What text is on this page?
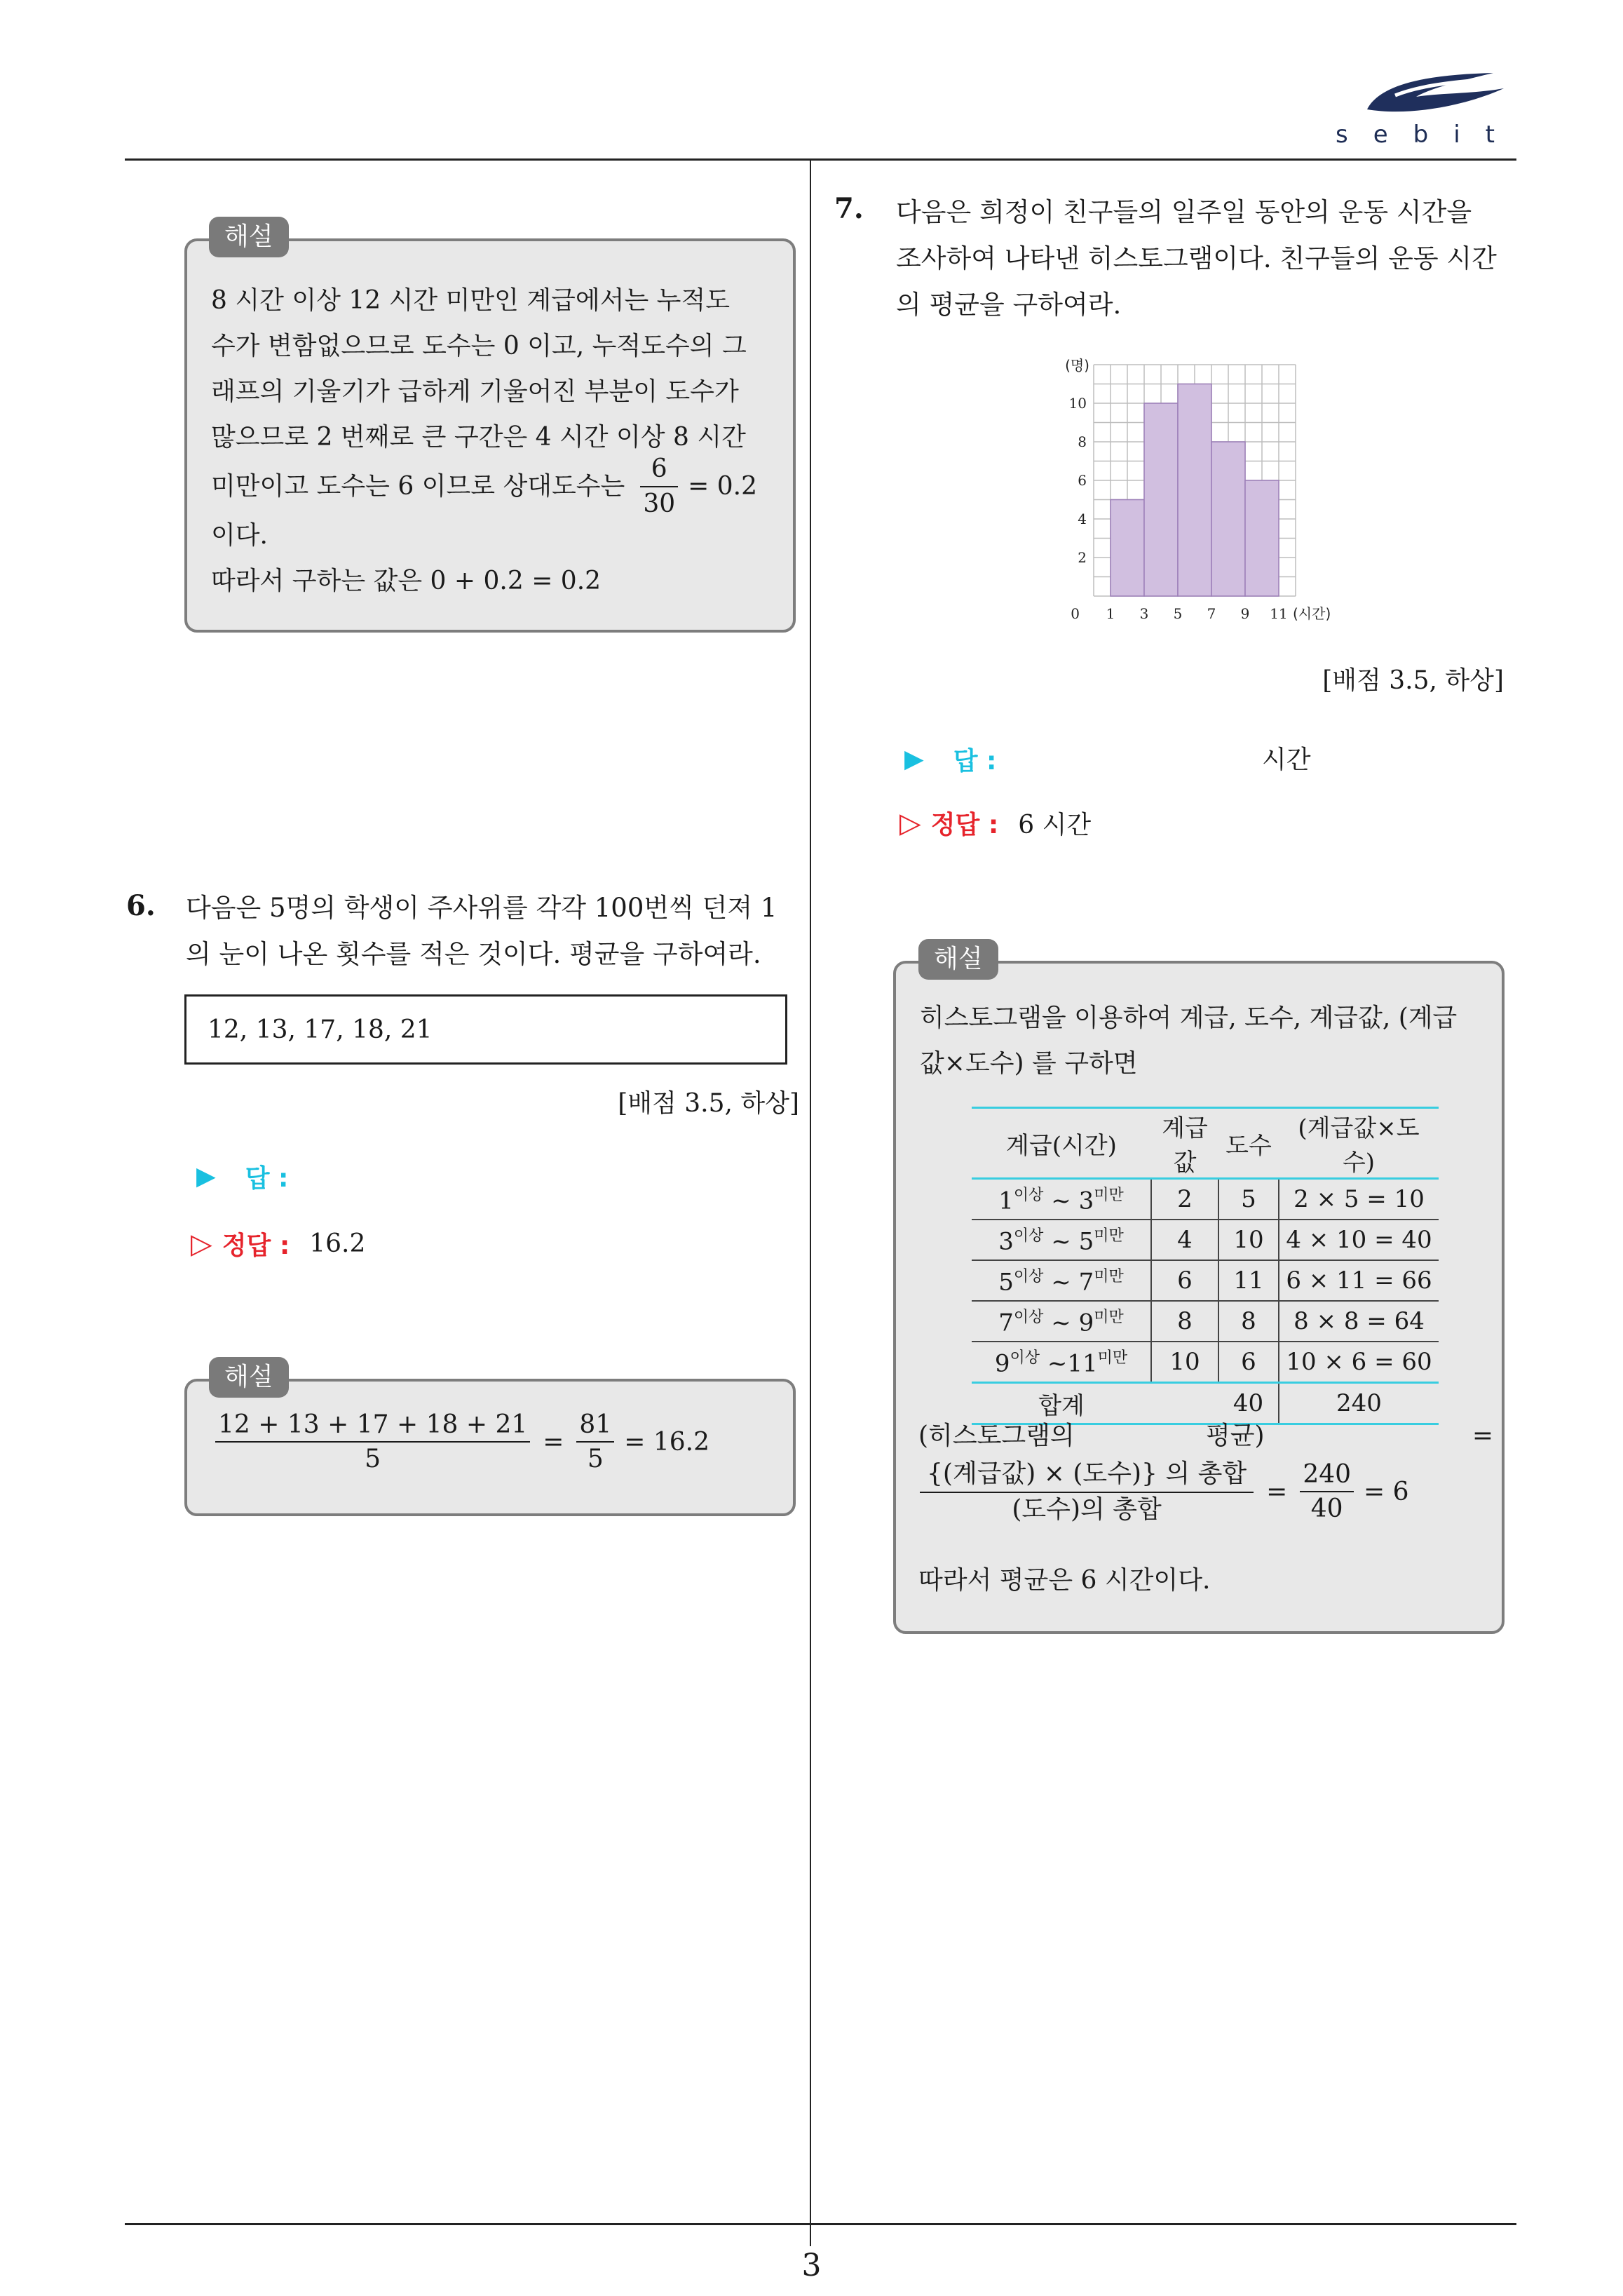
sebit
8 시간 이상 12 시간 미만인 계급에서는 누적도
수가 변함없으므로 도수는 0 이고, 누적도수의 그
래프의 기울기가 급하게 기울어진 부분이 도수가
많으므로 2 번째로 큰 구간은 4 시간 이상 8 시간
미만이고 도수는 6 이므로 상대도수는 $\frac{6}{30} = 0.2$
이다.
따라서 구하는 값은 0 + 0.2 = 0.2
해설
6. 다음은 5명의 학생이 주사위를 각각 100번씩 던져 1
의 눈이 나온 횟수를 적은 것이다. 평균을 구하여라.
12, 13, 17, 18, 21
[배점 3.5, 하상]
▶ 답 :
▷ 정답 : 16.2
$\frac{12 + 13 + 17 + 18 + 21}{5} = \frac{81}{5} = 16.2$
해설
7. 다음은 희정이 친구들의 일주일 동안의 운동 시간을
조사하여 나타낸 히스토그램이다. 친구들의 운동 시간
의 평균을 구하여라.
1 3 5 7 9 11
0
2
4
6
8
10
(명)
(시간)
[배점 3.5, 하상]
▶ 답 :	시간
▷ 정답 : 6 시간
히스토그램을 이용하여 계급, 도수, 계급값, (계급
값×도수) 를 구하면
해설
계급(시간)	계급값	도수	(계급값×도수)
$1^{이상}$ ~ $3^{미만}$	2	5	2 × 5 = 10
$3^{이상}$ ~ $5^{미만}$	4	10	4 × 10 = 40
$5^{이상}$ ~ $7^{미만}$	6	11	6 × 11 = 66
$7^{이상}$ ~ $9^{미만}$	8	8	8 × 8 = 64
$9^{이상}$ $\sim 11^{미만}$	10	6	10 × 6 = 60
합계		40	240
(히스토그램의	평균)	=
$\frac{\text{\{(계급값) × (도수)\} 의 총합}}{\text{(도수)의 총합}} = \frac{240}{40} = 6$
따라서 평균은 6 시간이다.
3
